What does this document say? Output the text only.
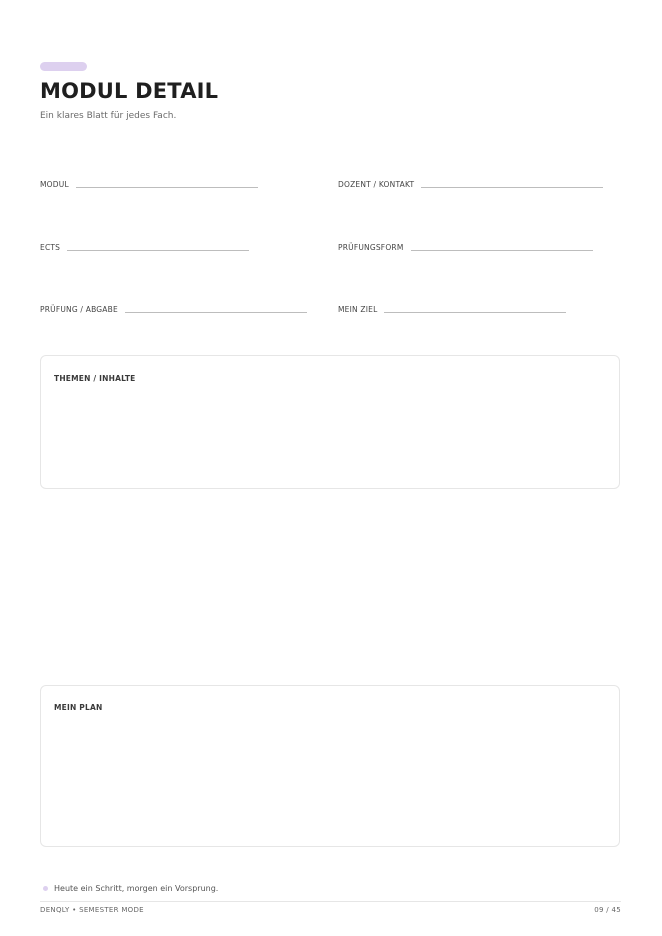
MODUL DETAIL
Ein klares Blatt für jedes Fach.
MODUL	DOZENT / KONTAKT
ECTS	PRÜFUNGSFORM
PRÜFUNG / ABGABE	MEIN ZIEL
THEMEN / INHALTE
MEIN PLAN
Heute ein Schritt, morgen ein Vorsprung.
DENQLY • SEMESTER MODE	09 / 45
